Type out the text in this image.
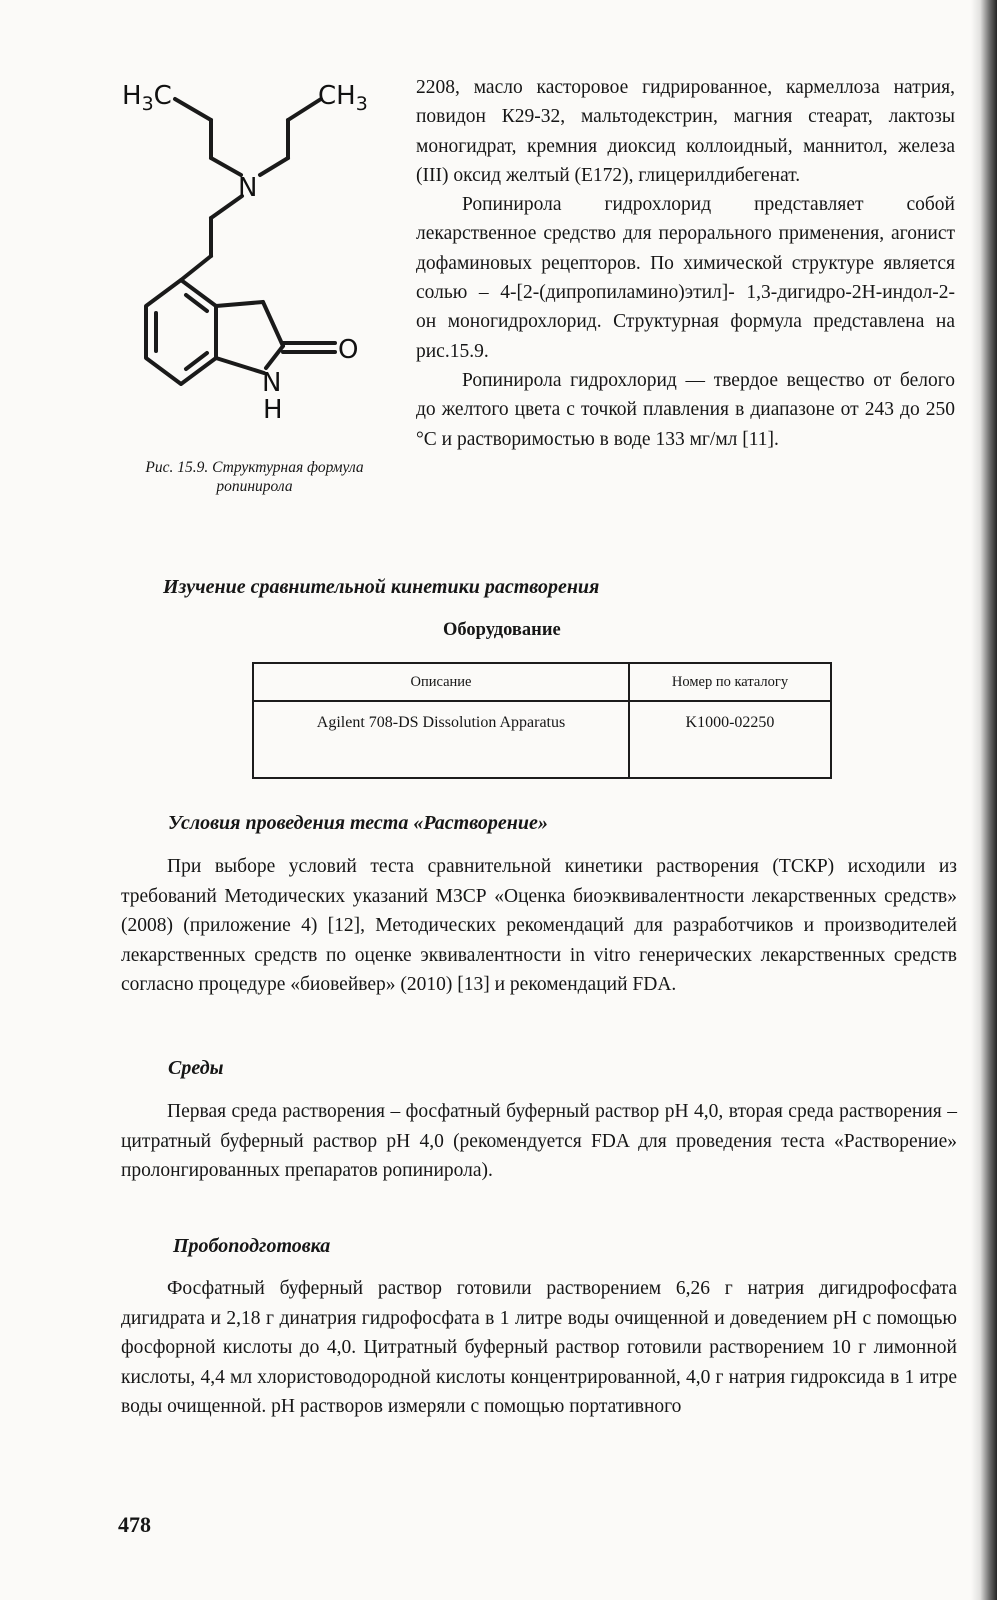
$H_3C$	$CH_3$
N
O
N
H
Рис. 15.9. Структурная формула ропинирола

2208, масло касторовое гидрированное, кармеллоза натрия, повидон К29-32, мальтодекстрин, магния стеарат, лактозы моногидрат, кремния диоксид коллоидный, маннитол, железа (III) оксид желтый (Е172), глицерилдибегенат.

Ропинирола гидрохлорид представляет собой лекарственное средство для перорального применения, агонист дофаминовых рецепторов. По химической структуре является солью – 4-[2-(дипропиламино)этил]- 1,3-дигидро-2Н-индол-2-он моногидрохлорид. Структурная формула представлена на рис.15.9.

Ропинирола гидрохлорид — твердое вещество от белого до желтого цвета с точкой плавления в диапазоне от 243 до 250 °С и растворимостью в воде 133 мг/мл [11].

Изучение сравнительной кинетики растворения
Оборудование
Описание	Номер по каталогу
Agilent 708-DS Dissolution Apparatus	K1000-02250
Условия проведения теста «Растворение»

При выборе условий теста сравнительной кинетики растворения (ТСКР) исходили из требований Методических указаний МЗСР «Оценка биоэквивалентности лекарственных средств» (2008) (приложение 4) [12], Методических рекомендаций для разработчиков и производителей лекарственных средств по оценке эквивалентности in vitro генерических лекарственных средств согласно процедуре «биовейвер» (2010) [13] и рекомендаций FDA.

Среды

Первая среда растворения – фосфатный буферный раствор рН 4,0, вторая среда растворения – цитратный буферный раствор рН 4,0 (рекомендуется FDA для проведения теста «Растворение» пролонгированных препаратов ропинирола).

Пробоподготовка

Фосфатный буферный раствор готовили растворением 6,26 г натрия дигидрофосфата дигидрата и 2,18 г динатрия гидрофосфата в 1 литре воды очищенной и доведением рН с помощью фосфорной кислоты до 4,0. Цитратный буферный раствор готовили растворением 10 г лимонной кислоты, 4,4 мл хлористоводородной кислоты концентрированной, 4,0 г натрия гидроксида в 1 итре воды очищенной. рН растворов измеряли с помощью портативного

478
